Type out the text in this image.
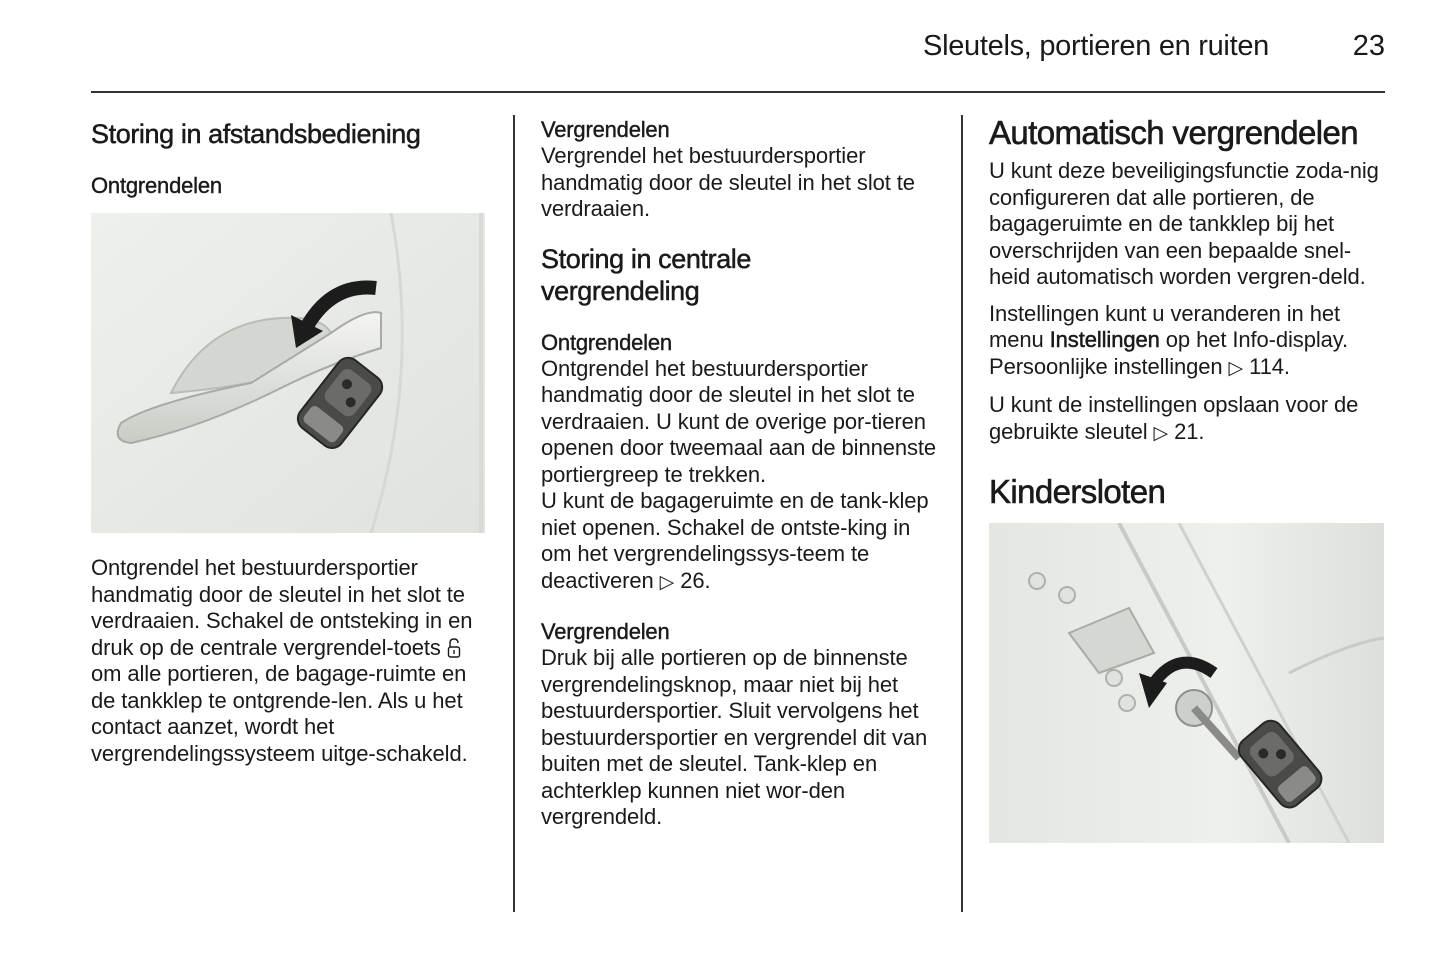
Sleutels, portieren en ruiten	23
Storing in afstandsbediening
Ontgrendelen

Ontgrendel het bestuurdersportier handmatig door de sleutel in het slot te verdraaien. Schakel de ontsteking in en druk op de centrale vergrendel-toets  om alle portieren, de bagage-ruimte en de tankklep te ontgrende-len. Als u het contact aanzet, wordt het vergrendelingssysteem uitge-schakeld.

Vergrendelen

Vergrendel het bestuurdersportier handmatig door de sleutel in het slot te verdraaien.

Storing in centrale vergrendeling
Ontgrendelen

Ontgrendel het bestuurdersportier handmatig door de sleutel in het slot te verdraaien. U kunt de overige por-tieren openen door tweemaal aan de binnenste portiergreep te trekken.

U kunt de bagageruimte en de tank-klep niet openen. Schakel de ontste-king in om het vergrendelingssys-teem te deactiveren ▷ 26.

Vergrendelen

Druk bij alle portieren op de binnenste vergrendelingsknop, maar niet bij het bestuurdersportier. Sluit vervolgens het bestuurdersportier en vergrendel dit van buiten met de sleutel. Tank-klep en achterklep kunnen niet wor-den vergrendeld.

Automatisch vergrendelen

U kunt deze beveiligingsfunctie zoda-nig configureren dat alle portieren, de bagageruimte en de tankklep bij het overschrijden van een bepaalde snel-heid automatisch worden vergren-deld.

Instellingen kunt u veranderen in het menu Instellingen op het Info-display. Persoonlijke instellingen ▷ 114.

U kunt de instellingen opslaan voor de gebruikte sleutel ▷ 21.

Kindersloten
